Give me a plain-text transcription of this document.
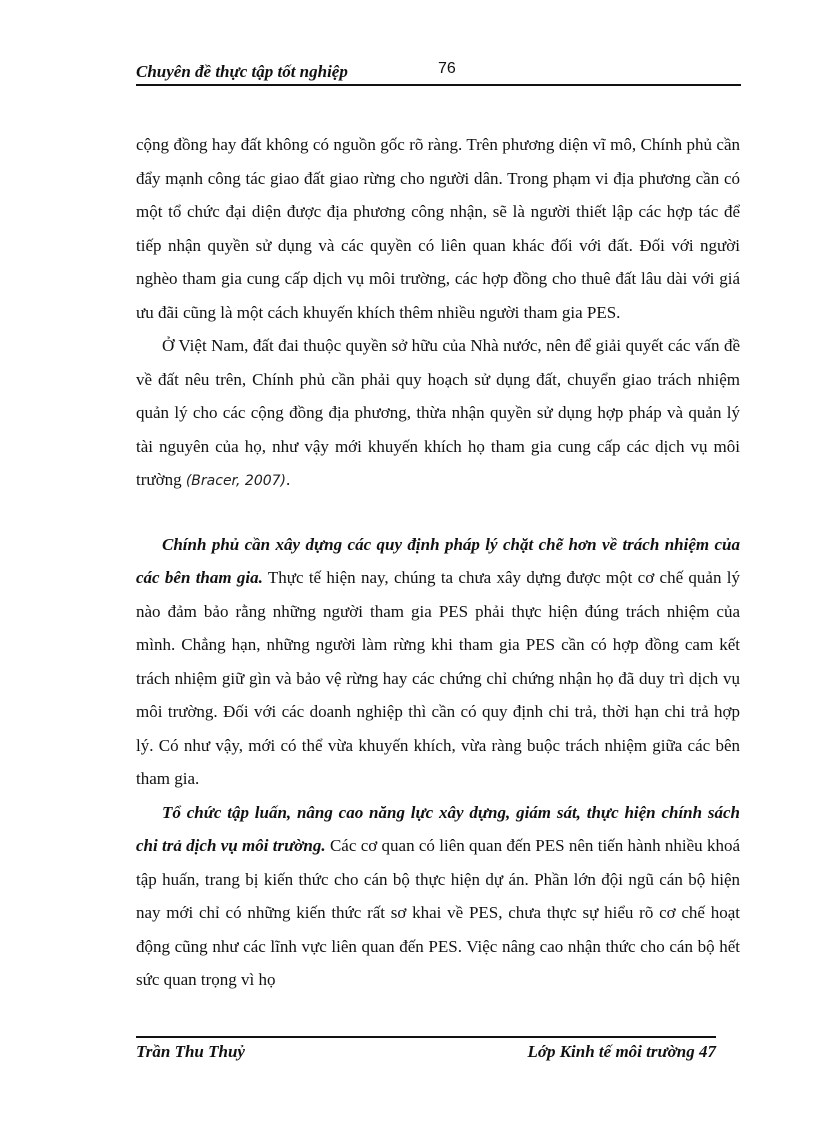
Chuyên đề thực tập tốt nghiệp	76

cộng đồng hay đất không có nguồn gốc rõ ràng. Trên phương diện vĩ mô, Chính phủ cần đẩy mạnh công tác giao đất giao rừng cho người dân. Trong phạm vi địa phương cần có một tổ chức đại diện được địa phương công nhận, sẽ là người thiết lập các hợp tác để tiếp nhận quyền sử dụng và các quyền có liên quan khác đối với đất. Đối với người nghèo tham gia cung cấp dịch vụ môi trường, các hợp đồng cho thuê đất lâu dài với giá ưu đãi cũng là một cách khuyến khích thêm nhiều người tham gia PES.

Ở Việt Nam, đất đai thuộc quyền sở hữu của Nhà nước, nên để giải quyết các vấn đề về đất nêu trên, Chính phủ cần phải quy hoạch sử dụng đất, chuyển giao trách nhiệm quản lý cho các cộng đồng địa phương, thừa nhận quyền sử dụng hợp pháp và quản lý tài nguyên của họ, như vậy mới khuyến khích họ tham gia cung cấp các dịch vụ môi trường (Bracer, 2007).

Chính phủ cần xây dựng các quy định pháp lý chặt chẽ hơn về trách nhiệm của các bên tham gia. Thực tế hiện nay, chúng ta chưa xây dựng được một cơ chế quản lý nào đảm bảo rằng những người tham gia PES phải thực hiện đúng trách nhiệm của mình. Chẳng hạn, những người làm rừng khi tham gia PES cần có hợp đồng cam kết trách nhiệm giữ gìn và bảo vệ rừng hay các chứng chỉ chứng nhận họ đã duy trì dịch vụ môi trường. Đối với các doanh nghiệp thì cần có quy định chi trả, thời hạn chi trả hợp lý. Có như vậy, mới có thể vừa khuyến khích, vừa ràng buộc trách nhiệm giữa các bên tham gia.

Tổ chức tập luấn, nâng cao năng lực xây dựng, giám sát, thực hiện chính sách chi trả dịch vụ môi trường. Các cơ quan có liên quan đến PES nên tiến hành nhiều khoá tập huấn, trang bị kiến thức cho cán bộ thực hiện dự án. Phần lớn đội ngũ cán bộ hiện nay mới chỉ có những kiến thức rất sơ khai về PES, chưa thực sự hiểu rõ cơ chế hoạt động cũng như các lĩnh vực liên quan đến PES. Việc nâng cao nhận thức cho cán bộ hết sức quan trọng vì họ

Trần Thu Thuỷ	Lớp Kinh tế môi trường 47
